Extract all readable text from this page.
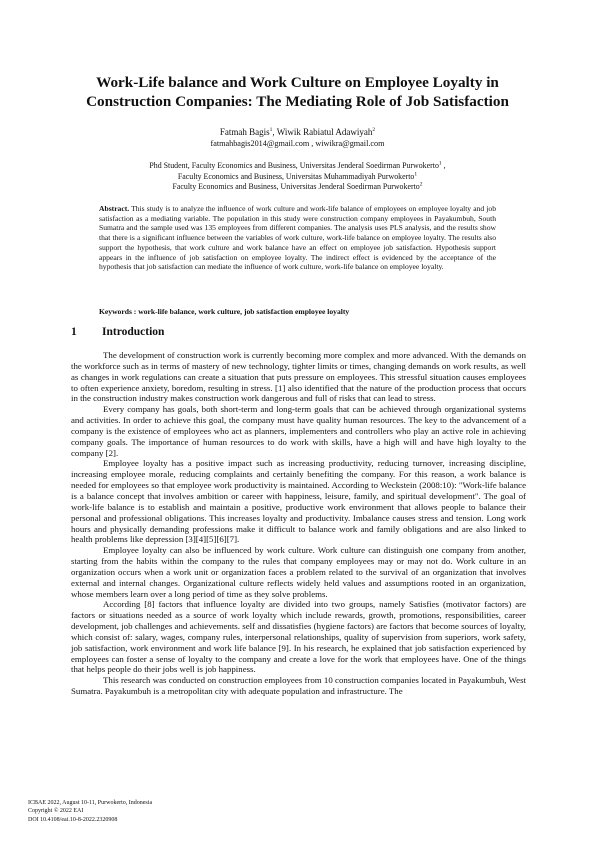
Work-Life balance and Work Culture on Employee Loyalty in
Construction Companies: The Mediating Role of Job Satisfaction
Fatmah Bagis$^1$, Wiwik Rabiatul Adawiyah$^2$
fatmahbagis2014@gmail.com , wiwikra@gmail.com
Phd Student, Faculty Economics and Business, Universitas Jenderal Soedirman Purwokerto$^1$ ,
Faculty Economics and Business, Universitas Muhammadiyah Purwokerto$^1$
Faculty Economics and Business, Universitas Jenderal Soedirman Purwokerto$^2$
Abstract. This study is to analyze the influence of work culture and work-life balance of employees on employee loyalty and job satisfaction as a mediating variable. The population in this study were construction company employees in Payakumbuh, South Sumatra and the sample used was 135 employees from different companies. The analysis uses PLS analysis, and the results show that there is a significant influence between the variables of work culture, work-life balance on employee loyalty. The results also support the hypothesis, that work culture and work balance have an effect on employee job satisfaction. Hypothesis support appears in the influence of job satisfaction on employee loyalty. The indirect effect is evidenced by the acceptance of the hypothesis that job satisfaction can mediate the influence of work culture, work-life balance on employee loyalty.
Keywords : work-life balance, work culture, job satisfaction employee loyalty
1 Introduction

The development of construction work is currently becoming more complex and more advanced. With the demands on the workforce such as in terms of mastery of new technology, tighter limits or times, changing demands on work results, as well as changes in work regulations can create a situation that puts pressure on employees. This stressful situation causes employees to often experience anxiety, boredom, resulting in stress. [1] also identified that the nature of the production process that occurs in the construction industry makes construction work dangerous and full of risks that can lead to stress.

Every company has goals, both short-term and long-term goals that can be achieved through organizational systems and activities. In order to achieve this goal, the company must have quality human resources. The key to the advancement of a company is the existence of employees who act as planners, implementers and controllers who play an active role in achieving company goals. The importance of human resources to do work with skills, have a high will and have high loyalty to the company [2].

Employee loyalty has a positive impact such as increasing productivity, reducing turnover, increasing discipline, increasing employee morale, reducing complaints and certainly benefiting the company. For this reason, a work balance is needed for employees so that employee work productivity is maintained. According to Weckstein (2008:10): "Work-life balance is a balance concept that involves ambition or career with happiness, leisure, family, and spiritual development". The goal of work-life balance is to establish and maintain a positive, productive work environment that allows people to balance their personal and professional obligations. This increases loyalty and productivity. Imbalance causes stress and tension. Long work hours and physically demanding professions make it difficult to balance work and family obligations and are also linked to health problems like depression [3][4][5][6][7].

Employee loyalty can also be influenced by work culture. Work culture can distinguish one company from another, starting from the habits within the company to the rules that company employees may or may not do. Work culture in an organization occurs when a work unit or organization faces a problem related to the survival of an organization that involves external and internal changes. Organizational culture reflects widely held values and assumptions rooted in an organization, whose members learn over a long period of time as they solve problems.

According [8] factors that influence loyalty are divided into two groups, namely Satisfies (motivator factors) are factors or situations needed as a source of work loyalty which include rewards, growth, promotions, responsibilities, career development, job challenges and achievements. self and dissatisfies (hygiene factors) are factors that become sources of loyalty, which consist of: salary, wages, company rules, interpersonal relationships, quality of supervision from superiors, work safety, job satisfaction, work environment and work life balance [9]. In his research, he explained that job satisfaction experienced by employees can foster a sense of loyalty to the company and create a love for the work that employees have. One of the things that helps people do their jobs well is job happiness.

This research was conducted on construction employees from 10 construction companies located in Payakumbuh, West Sumatra. Payakumbuh is a metropolitan city with adequate population and infrastructure. The

ICBAE 2022, August 10-11, Purwokerto, Indonesia
Copyright © 2022 EAI
DOI 10.4108/eai.10-8-2022.2320908
